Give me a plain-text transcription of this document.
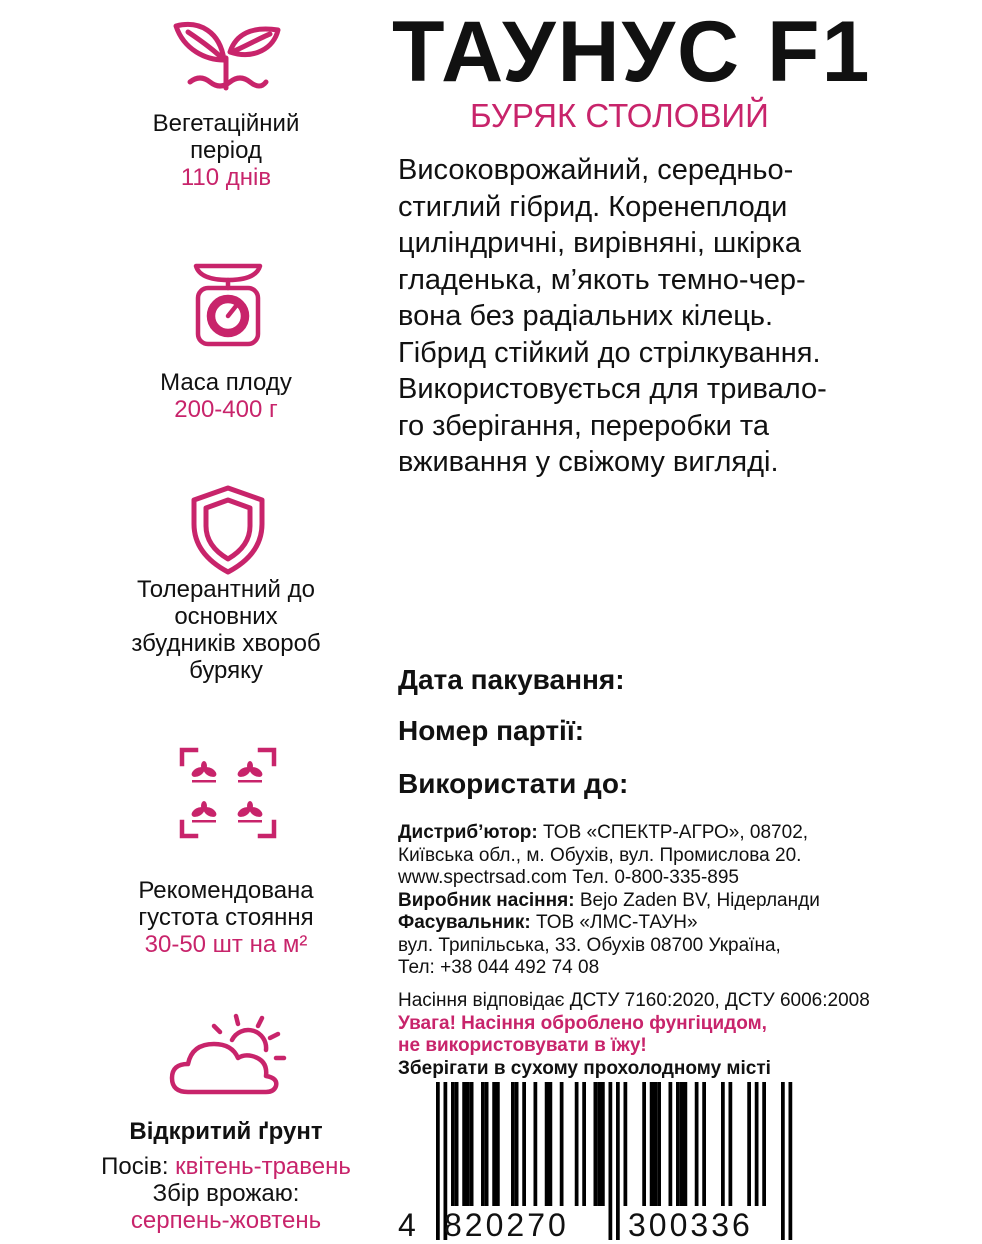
Вегетаційний
період
110 днів
Маса плоду
200-400 г
Толерантний до
основних
збудників хвороб
буряку
Рекомендована
густота стояння
30-50 шт на м²
Відкритий ґрунт
Посів: квітень-травень
Збір врожаю:
серпень-жовтень
ТАУНУС F1
БУРЯК СТОЛОВИЙ
Високоврожайний, середньо-
стиглий гібрид. Коренеплоди
циліндричні, вирівняні, шкірка
гладенька, м’якоть темно-чер-
вона без радіальних кілець.
Гібрид стійкий до стрілкування.
Використовується для тривало-
го зберігання, переробки та
вживання у свіжому вигляді.
Дата пакування:
Номер партії:
Використати до:
Дистриб’ютор: ТОВ «СПЕКТР-АГРО», 08702,
Київська обл., м. Обухів, вул. Промислова 20.
www.spectrsad.com Тел. 0-800-335-895
Виробник насіння: Bejo Zaden BV, Нідерланди
Фасувальник: ТОВ «ЛМС-ТАУН»
вул. Трипільська, 33. Обухів 08700 Україна,
Тел: +38 044 492 74 08
Насіння відповідає ДСТУ 7160:2020, ДСТУ 6006:2008
Увага! Насіння оброблено фунгіцидом,
не використовувати в їжу!
Зберігати в сухому прохолодному місті
4 820270 300336
